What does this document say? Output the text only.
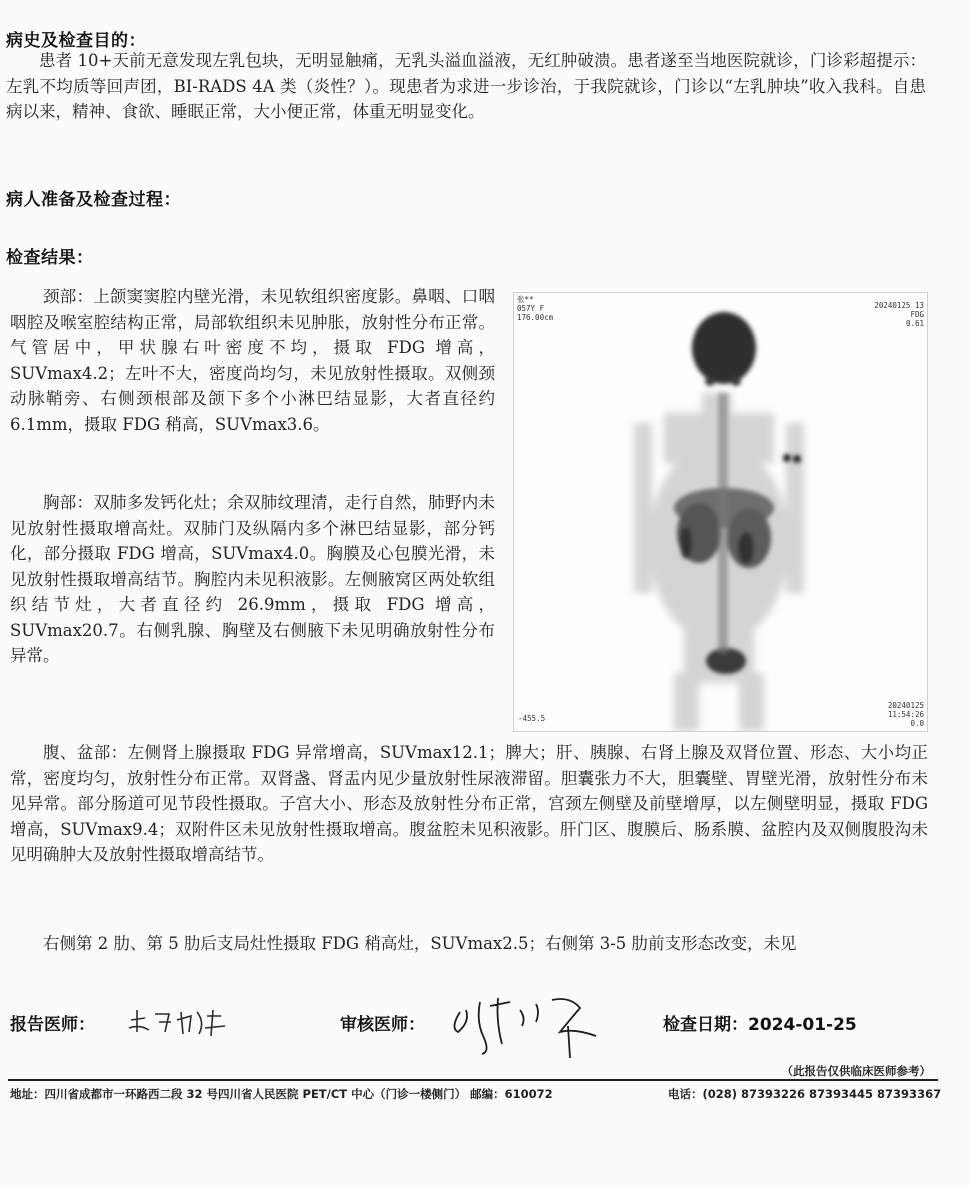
病史及检查目的：

患者 10+天前无意发现左乳包块，无明显触痛，无乳头溢血溢液，无红肿破溃。患者遂至当地医院就诊，门诊彩超提示：左乳不均质等回声团，BI-RADS 4A 类（炎性？）。现患者为求进一步诊治，于我院就诊，门诊以“左乳肿块”收入我科。自患病以来，精神、食欲、睡眠正常，大小便正常，体重无明显变化。

病人准备及检查过程：
检查结果：

颈部：上颌窦窦腔内壁光滑，未见软组织密度影。鼻咽、口咽咽腔及喉室腔结构正常，局部软组织未见肿胀，放射性分布正常。气管居中，甲状腺右叶密度不均，摄取 FDG 增高，SUVmax4.2；左叶不大，密度尚均匀，未见放射性摄取。双侧颈动脉鞘旁、右侧颈根部及颌下多个小淋巴结显影，大者直径约 6.1mm，摄取 FDG 稍高，SUVmax3.6。

胸部：双肺多发钙化灶；余双肺纹理清，走行自然，肺野内未见放射性摄取增高灶。双肺门及纵隔内多个淋巴结显影，部分钙化，部分摄取 FDG 增高，SUVmax4.0。胸膜及心包膜光滑，未见放射性摄取增高结节。胸腔内未见积液影。左侧腋窝区两处软组织结节灶，大者直径约 26.9mm，摄取 FDG 增高，SUVmax20.7。右侧乳腺、胸壁及右侧腋下未见明确放射性分布异常。

张**
057Y F
176.00cm
20240125 13
FDG
0.61
-455.5
20240125
11:54:26
0.0

腹、盆部：左侧肾上腺摄取 FDG 异常增高，SUVmax12.1；脾大；肝、胰腺、右肾上腺及双肾位置、形态、大小均正常，密度均匀，放射性分布正常。双肾盏、肾盂内见少量放射性尿液滞留。胆囊张力不大，胆囊壁、胃壁光滑，放射性分布未见异常。部分肠道可见节段性摄取。子宫大小、形态及放射性分布正常，宫颈左侧壁及前壁增厚，以左侧壁明显，摄取 FDG 增高，SUVmax9.4；双附件区未见放射性摄取增高。腹盆腔未见积液影。肝门区、腹膜后、肠系膜、盆腔内及双侧腹股沟未见明确肿大及放射性摄取增高结节。

右侧第 2 肋、第 5 肋后支局灶性摄取 FDG 稍高灶，SUVmax2.5；右侧第 3-5 肋前支形态改变，未见

报告医师：	审核医师：	检查日期：2024-01-25
（此报告仅供临床医师参考）
地址：四川省成都市一环路西二段 32 号四川省人民医院 PET/CT 中心（门诊一楼侧门） 邮编：610072	电话：(028) 87393226 87393445 87393367
